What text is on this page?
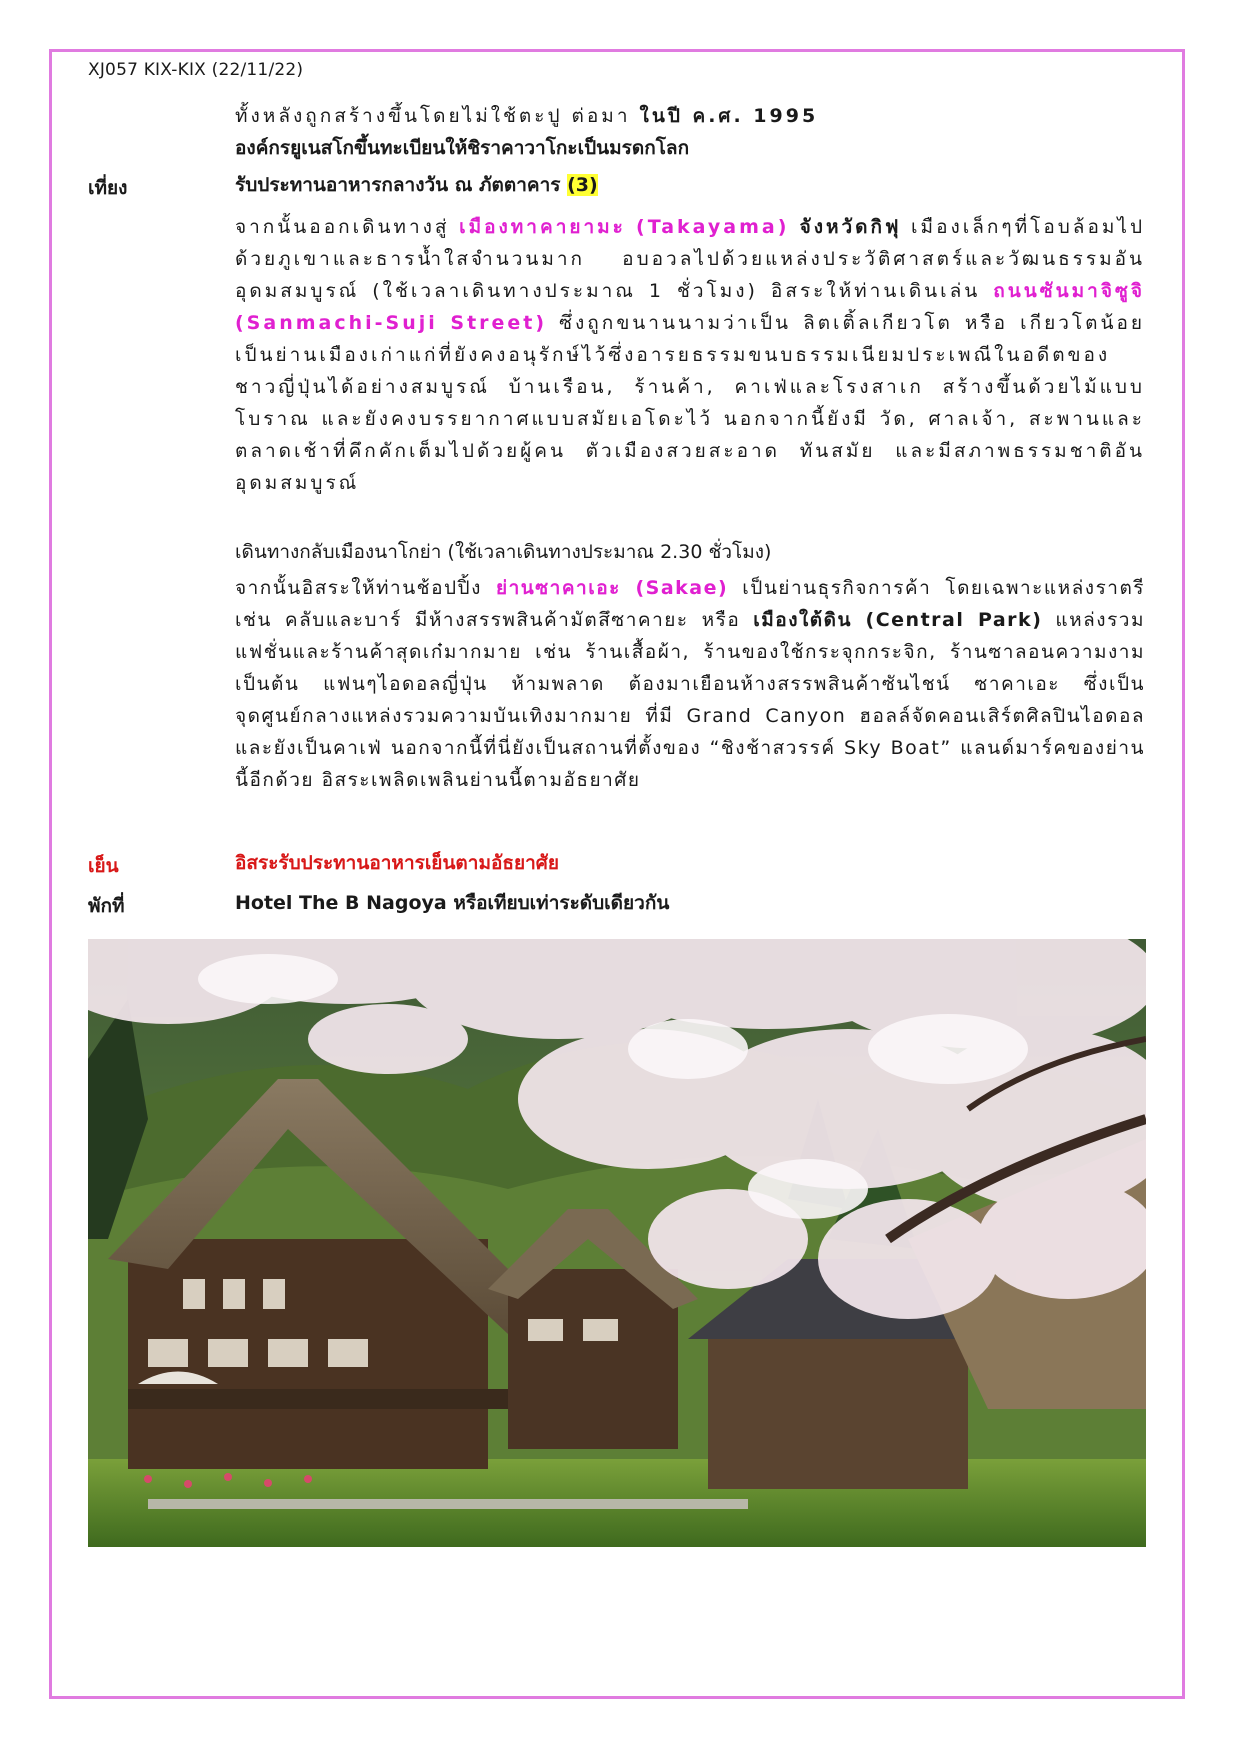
XJ057 KIX-KIX (22/11/22)

ทั้งหลังถูกสร้างขึ้นโดยไม่ใช้ตะปู ต่อมา ในปี ค.ศ. 1995

องค์กรยูเนสโกขึ้นทะเบียนให้ชิราคาวาโกะเป็นมรดกโลก

เที่ยง	รับประทานอาหารกลางวัน ณ ภัตตาคาร (3)

จากนั้นออกเดินทางสู่ เมืองทาคายามะ (Takayama) จังหวัดกิฟุ เมืองเล็กๆที่โอบล้อมไปด้วยภูเขาและธารน้ำใสจำนวนมาก อบอวลไปด้วยแหล่งประวัติศาสตร์และวัฒนธรรมอันอุดมสมบูรณ์ (ใช้เวลาเดินทางประมาณ 1 ชั่วโมง) อิสระให้ท่านเดินเล่น ถนนซันมาจิซูจิ (Sanmachi-Suji Street) ซึ่งถูกขนานนามว่าเป็น ลิตเติ้ลเกียวโต หรือ เกียวโตน้อย เป็นย่านเมืองเก่าแก่ที่ยังคงอนุรักษ์ไว้ซึ่งอารยธรรมขนบธรรมเนียมประเพณีในอดีตของชาวญี่ปุ่นได้อย่างสมบูรณ์ บ้านเรือน, ร้านค้า, คาเฟ่และโรงสาเก สร้างขึ้นด้วยไม้แบบโบราณ และยังคงบรรยากาศแบบสมัยเอโดะไว้ นอกจากนี้ยังมี วัด, ศาลเจ้า, สะพานและตลาดเช้าที่คึกคักเต็มไปด้วยผู้คน ตัวเมืองสวยสะอาด ทันสมัย และมีสภาพธรรมชาติอันอุดมสมบูรณ์

เดินทางกลับเมืองนาโกย่า (ใช้เวลาเดินทางประมาณ 2.30 ชั่วโมง)

จากนั้นอิสระให้ท่านช้อปปิ้ง ย่านซาคาเอะ (Sakae) เป็นย่านธุรกิจการค้า โดยเฉพาะแหล่งราตรี เช่น คลับและบาร์ มีห้างสรรพสินค้ามัตสึซาคายะ หรือ เมืองใต้ดิน (Central Park) แหล่งรวมแฟชั่นและร้านค้าสุดเก๋มากมาย เช่น ร้านเสื้อผ้า, ร้านของใช้กระจุกกระจิก, ร้านซาลอนความงาม เป็นต้น แฟนๆไอดอลญี่ปุ่น ห้ามพลาด ต้องมาเยือนห้างสรรพสินค้าซันไชน์ ซาคาเอะ ซึ่งเป็นจุดศูนย์กลางแหล่งรวมความบันเทิงมากมาย ที่มี Grand Canyon ฮอลล์จัดคอนเสิร์ตศิลปินไอดอลและยังเป็นคาเฟ่ นอกจากนี้ที่นี่ยังเป็นสถานที่ตั้งของ “ชิงช้าสวรรค์ Sky Boat” แลนด์มาร์คของย่านนี้อีกด้วย อิสระเพลิดเพลินย่านนี้ตามอัธยาศัย

เย็น	อิสระรับประทานอาหารเย็นตามอัธยาศัย
พักที่	Hotel The B Nagoya หรือเทียบเท่าระดับเดียวกัน
